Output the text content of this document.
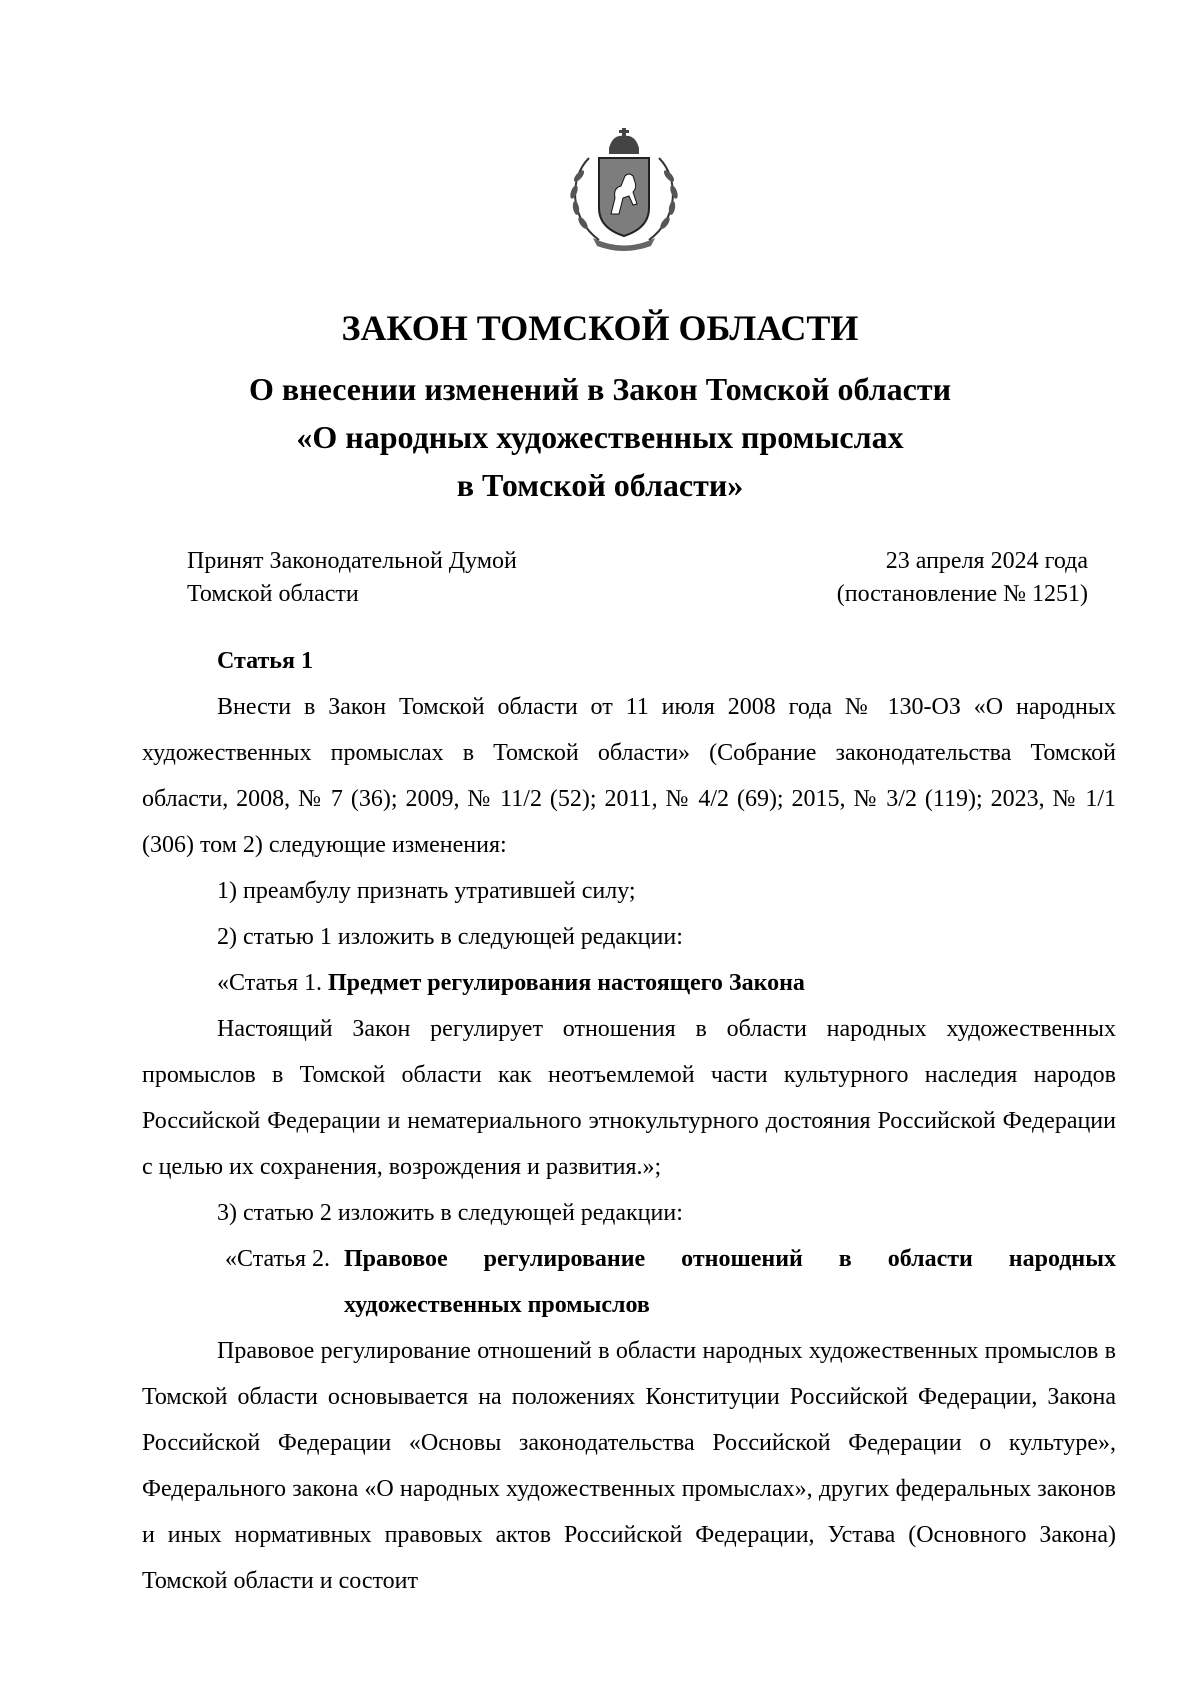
ЗАКОН ТОМСКОЙ ОБЛАСТИ
О внесении изменений в Закон Томской области
«О народных художественных промыслах
в Томской области»
Принят Законодательной Думой
Томской области
23 апреля 2024 года
(постановление № 1251)

Статья 1

Внести в Закон Томской области от 11 июля 2008 года № 130-ОЗ «О народных художественных промыслах в Томской области» (Собрание законодательства Томской области, 2008, № 7 (36); 2009, № 11/2 (52); 2011, № 4/2 (69); 2015, № 3/2 (119); 2023, № 1/1 (306) том 2) следующие изменения:

1) преамбулу признать утратившей силу;

2) статью 1 изложить в следующей редакции:

«Статья 1. Предмет регулирования настоящего Закона

Настоящий Закон регулирует отношения в области народных художественных промыслов в Томской области как неотъемлемой части культурного наследия народов Российской Федерации и нематериального этнокультурного достояния Российской Федерации с целью их сохранения, возрождения и развития.»;

3) статью 2 изложить в следующей редакции:

«Статья 2. Правовое регулирование отношений в области народных художественных промыслов

Правовое регулирование отношений в области народных художественных промыслов в Томской области основывается на положениях Конституции Российской Федерации, Закона Российской Федерации «Основы законодательства Российской Федерации о культуре», Федерального закона «О народных художественных промыслах», других федеральных законов и иных нормативных правовых актов Российской Федерации, Устава (Основного Закона) Томской области и состоит
